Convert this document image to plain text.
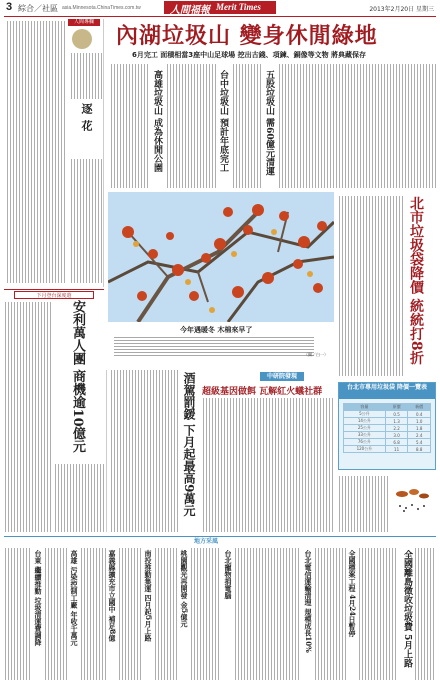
3 綜合／社區 asia.Minnesota.ChinaTimes.com.tw	人間福報 Merit Times	2013年2月20日 星期三
人間專欄
逐花
內湖垃圾山 變身休閒綠地
6月完工 面積相當3座中山足球場 挖出古錢、項鍊、銅像等文物 將典藏保存
高雄垃圾山 成為休閒公園	台中垃圾山 預計年底完工	五股垃圾山 需60億元清運
今年遇暖冬 木棉來早了
（攝／白一）	北市垃圾袋降價 統統打8折
台北市專用垃圾袋 降價一覽表
容量	原價	新價
5公升	0.5	0.4
14公升	1.3	1.0
25公升	2.2	1.8
33公升	3.0	2.4
76公升	6.8	5.4
120公升	11	8.8
下月登台深度遊
安利萬人團 商機逾10億元	酒駕罰鍰 下月起最高9萬元	中研院發現
超級基因做餌 瓦解紅火蟻社群
地方采風
台東 繼續推動 垃圾清運費調降	高雄 污染控制工廠 年收千萬元	嘉義縣擴充市立國中 補足8億	南投推動集運 四月起5月上路	桃園觀光再開發 金5億元	台北寵物捐電腦	台北電信運輸清理 規模成長10%	全國標案工程 4月24日暫停	全國離島徵收垃圾費 5月上路
